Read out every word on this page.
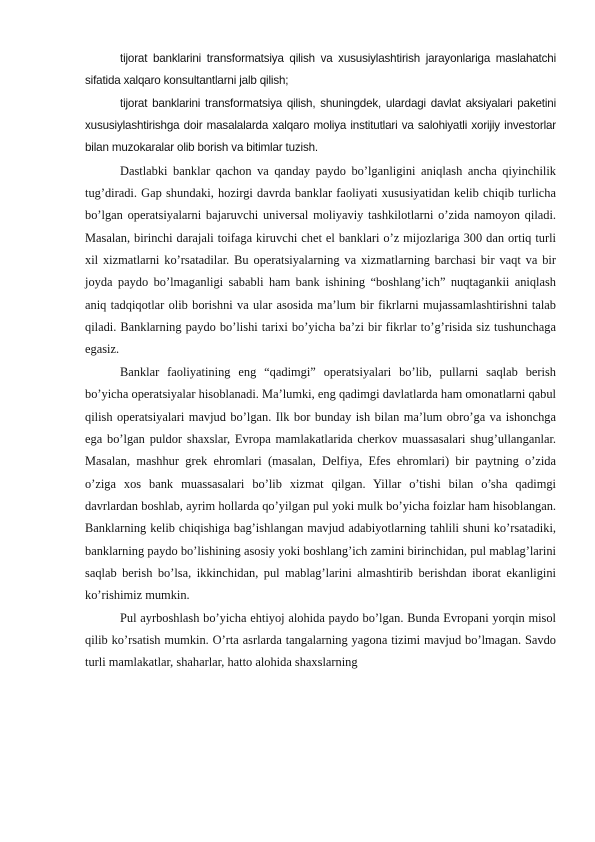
tijorat banklarini transformatsiya qilish va xususiylashtirish jarayonlariga maslahatchi sifatida xalqaro konsultantlarni jalb qilish;

tijorat banklarini transformatsiya qilish, shuningdek, ulardagi davlat aksiyalari paketini xususiylashtirishga doir masalalarda xalqaro moliya institutlari va salohiyatli xorijiy investorlar bilan muzokaralar olib borish va bitimlar tuzish.

Dastlabki banklar qachon va qanday paydo bo’lganligini aniqlash ancha qiyinchilik tug’diradi. Gap shundaki, hozirgi davrda banklar faoliyati xususiyatidan kelib chiqib turlicha bo’lgan operatsiyalarni bajaruvchi universal moliyaviy tashkilotlarni o’zida namoyon qiladi. Masalan, birinchi darajali toifaga kiruvchi chet el banklari o’z mijozlariga 300 dan ortiq turli xil xizmatlarni ko’rsatadilar. Bu operatsiyalarning va xizmatlarning barchasi bir vaqt va bir joyda paydo bo’lmaganligi sababli ham bank ishining “boshlang’ich” nuqtagankii aniqlash aniq tadqiqotlar olib borishni va ular asosida ma’lum bir fikrlarni mujassamlashtirishni talab qiladi. Banklarning paydo bo’lishi tarixi bo’yicha ba’zi bir fikrlar to’g’risida siz tushunchaga egasiz.

Banklar faoliyatining eng “qadimgi” operatsiyalari bo’lib, pullarni saqlab berish bo’yicha operatsiyalar hisoblanadi. Ma’lumki, eng qadimgi davlatlarda ham omonatlarni qabul qilish operatsiyalari mavjud bo’lgan. Ilk bor bunday ish bilan ma’lum obro’ga va ishonchga ega bo’lgan puldor shaxslar, Evropa mamlakatlarida cherkov muassasalari shug’ullanganlar. Masalan, mashhur grek ehromlari (masalan, Delfiya, Efes ehromlari) bir paytning o’zida o’ziga xos bank muassasalari bo’lib xizmat qilgan. Yillar o’tishi bilan o’sha qadimgi davrlardan boshlab, ayrim hollarda qo’yilgan pul yoki mulk bo’yicha foizlar ham hisoblangan. Banklarning kelib chiqishiga bag’ishlangan mavjud adabiyotlarning tahlili shuni ko’rsatadiki, banklarning paydo bo’lishining asosiy yoki boshlang’ich zamini birinchidan, pul mablag’larini saqlab berish bo’lsa, ikkinchidan, pul mablag’larini almashtirib berishdan iborat ekanligini ko’rishimiz mumkin.

Pul ayrboshlash bo’yicha ehtiyoj alohida paydo bo’lgan. Bunda Evropani yorqin misol qilib ko’rsatish mumkin. O’rta asrlarda tangalarning yagona tizimi mavjud bo’lmagan. Savdo turli mamlakatlar, shaharlar, hatto alohida shaxslarning
